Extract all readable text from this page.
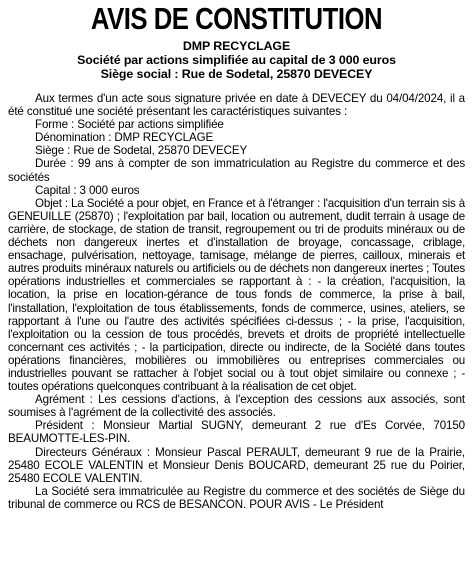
AVIS DE CONSTITUTION
DMP RECYCLAGE
Société par actions simplifiée au capital de 3 000 euros
Siège social : Rue de Sodetal, 25870 DEVECEY

Aux termes d'un acte sous signature privée en date à DEVECEY du 04/04/2024, il a été constitué une société présentant les caractéristiques suivantes :

Forme : Société par actions simplifiée

Dénomination : DMP RECYCLAGE

Siège : Rue de Sodetal, 25870 DEVECEY

Durée : 99 ans à compter de son immatriculation au Registre du commerce et des sociétés

Capital : 3 000 euros

Objet : La Société a pour objet, en France et à l'étranger : l'acquisition d'un terrain sis à GENEUILLE (25870) ; l'exploitation par bail, location ou autrement, dudit terrain à usage de carrière, de stockage, de station de transit, regroupement ou tri de produits minéraux ou de déchets non dangereux inertes et d'installation de broyage, concassage, criblage, ensachage, pulvérisation, nettoyage, tamisage, mélange de pierres, cailloux, minerais et autres produits minéraux naturels ou artificiels ou de déchets non dangereux inertes ; Toutes opérations industrielles et commerciales se rapportant à : - la création, l'acquisition, la location, la prise en location-gérance de tous fonds de commerce, la prise à bail, l'installation, l'exploitation de tous établissements, fonds de commerce, usines, ateliers, se rapportant à l'une ou l'autre des activités spécifiées ci-dessus ; - la prise, l'acquisition, l'exploitation ou la cession de tous procédés, brevets et droits de propriété intellectuelle concernant ces activités ; - la participation, directe ou indirecte, de la Société dans toutes opérations financières, mobilières ou immobilières ou entreprises commerciales ou industrielles pouvant se rattacher à l'objet social ou à tout objet similaire ou connexe ; - toutes opérations quelconques contribuant à la réalisation de cet objet.

Agrément : Les cessions d'actions, à l'exception des cessions aux associés, sont soumises à l'agrément de la collectivité des associés.

Président : Monsieur Martial SUGNY, demeurant 2 rue d'Es Corvée, 70150 BEAUMOTTE-LES-PIN.

Directeurs Généraux : Monsieur Pascal PERAULT, demeurant 9 rue de la Prairie, 25480 ECOLE VALENTIN et Monsieur Denis BOUCARD, demeurant 25 rue du Poirier, 25480 ECOLE VALENTIN.

La Société sera immatriculée au Registre du commerce et des sociétés de Siège du tribunal de commerce ou RCS de BESANCON. POUR AVIS - Le Président
